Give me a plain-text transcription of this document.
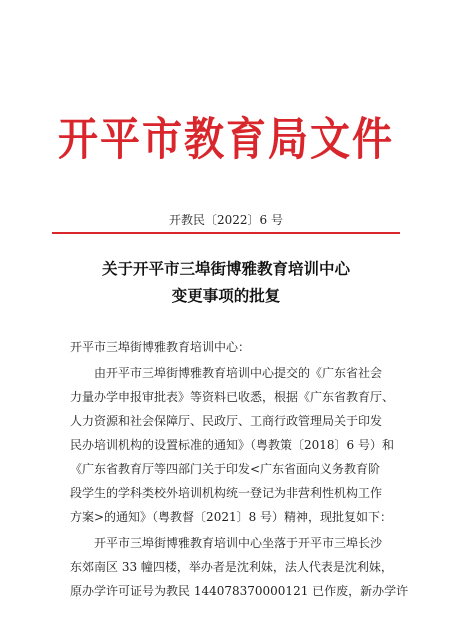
开平市教育局文件
开教民〔2022〕6 号
关于开平市三埠街博雅教育培训中心
变更事项的批复
开平市三埠街博雅教育培训中心：
由开平市三埠街博雅教育培训中心提交的《广东省社会
力量办学申报审批表》等资料已收悉，根据《广东省教育厅、
人力资源和社会保障厅、民政厅、工商行政管理局关于印发
民办培训机构的设置标准的通知》（粤教策〔2018〕6 号）和
《广东省教育厅等四部门关于印发<广东省面向义务教育阶
段学生的学科类校外培训机构统一登记为非营利性机构工作
方案>的通知》（粤教督〔2021〕8 号）精神，现批复如下：
开平市三埠街博雅教育培训中心坐落于开平市三埠长沙
东郊南区 33 幢四楼，举办者是沈利妹，法人代表是沈利妹，
原办学许可证号为教民 144078370000121 已作废，新办学许
